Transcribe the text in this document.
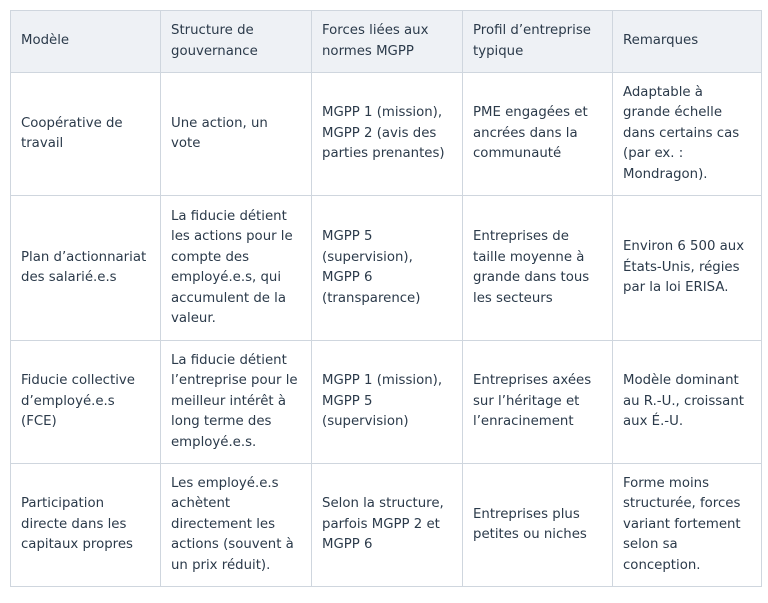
Modèle	Structure de gouvernance	Forces liées aux normes MGPP	Profil d’entreprise typique	Remarques
Coopérative de travail	Une action, un vote	MGPP 1 (mission), MGPP 2 (avis des parties prenantes)	PME engagées et ancrées dans la communauté	Adaptable à grande échelle dans certains cas (par ex. : Mondragon).
Plan d’actionnariat des salarié.e.s	La fiducie détient les actions pour le compte des employé.e.s, qui accumulent de la valeur.	MGPP 5 (supervision), MGPP 6 (transparence)	Entreprises de taille moyenne à grande dans tous les secteurs	Environ 6 500 aux États-Unis, régies par la loi ERISA.
Fiducie collective d’employé.e.s (FCE)	La fiducie détient l’entreprise pour le meilleur intérêt à long terme des employé.e.s.	MGPP 1 (mission), MGPP 5 (supervision)	Entreprises axées sur l’héritage et l’enracinement	Modèle dominant au R.-U., croissant aux É.-U.
Participation directe dans les capitaux propres	Les employé.e.s achètent directement les actions (souvent à un prix réduit).	Selon la structure, parfois MGPP 2 et MGPP 6	Entreprises plus petites ou niches	Forme moins structurée, forces variant fortement selon sa conception.
